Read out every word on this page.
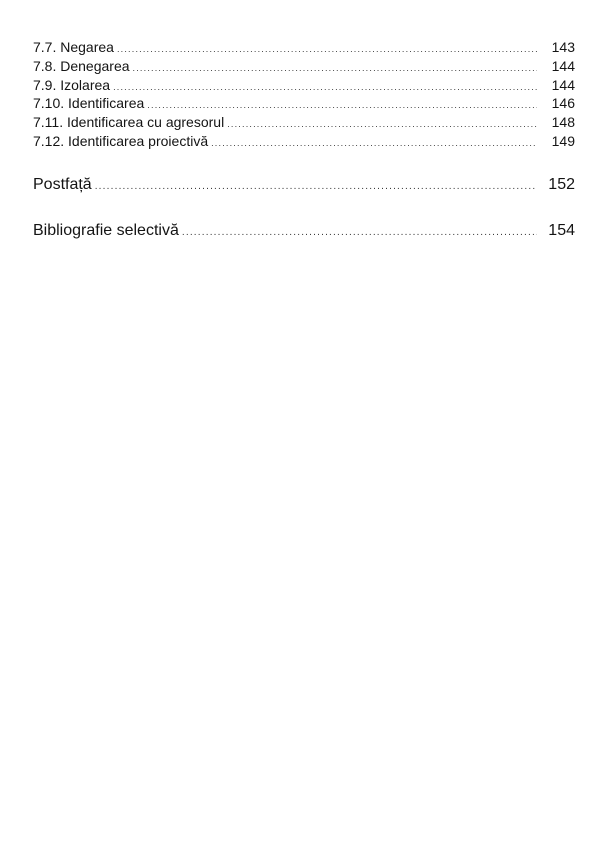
7.7. Negarea .....	143
7.8. Denegarea .....	144
7.9. Izolarea .....	144
7.10. Identificarea .....	146
7.11. Identificarea cu agresorul .....	148
7.12. Identificarea proiectivă .....	149
Postfață .....	152
Bibliografie selectivă .....	154
